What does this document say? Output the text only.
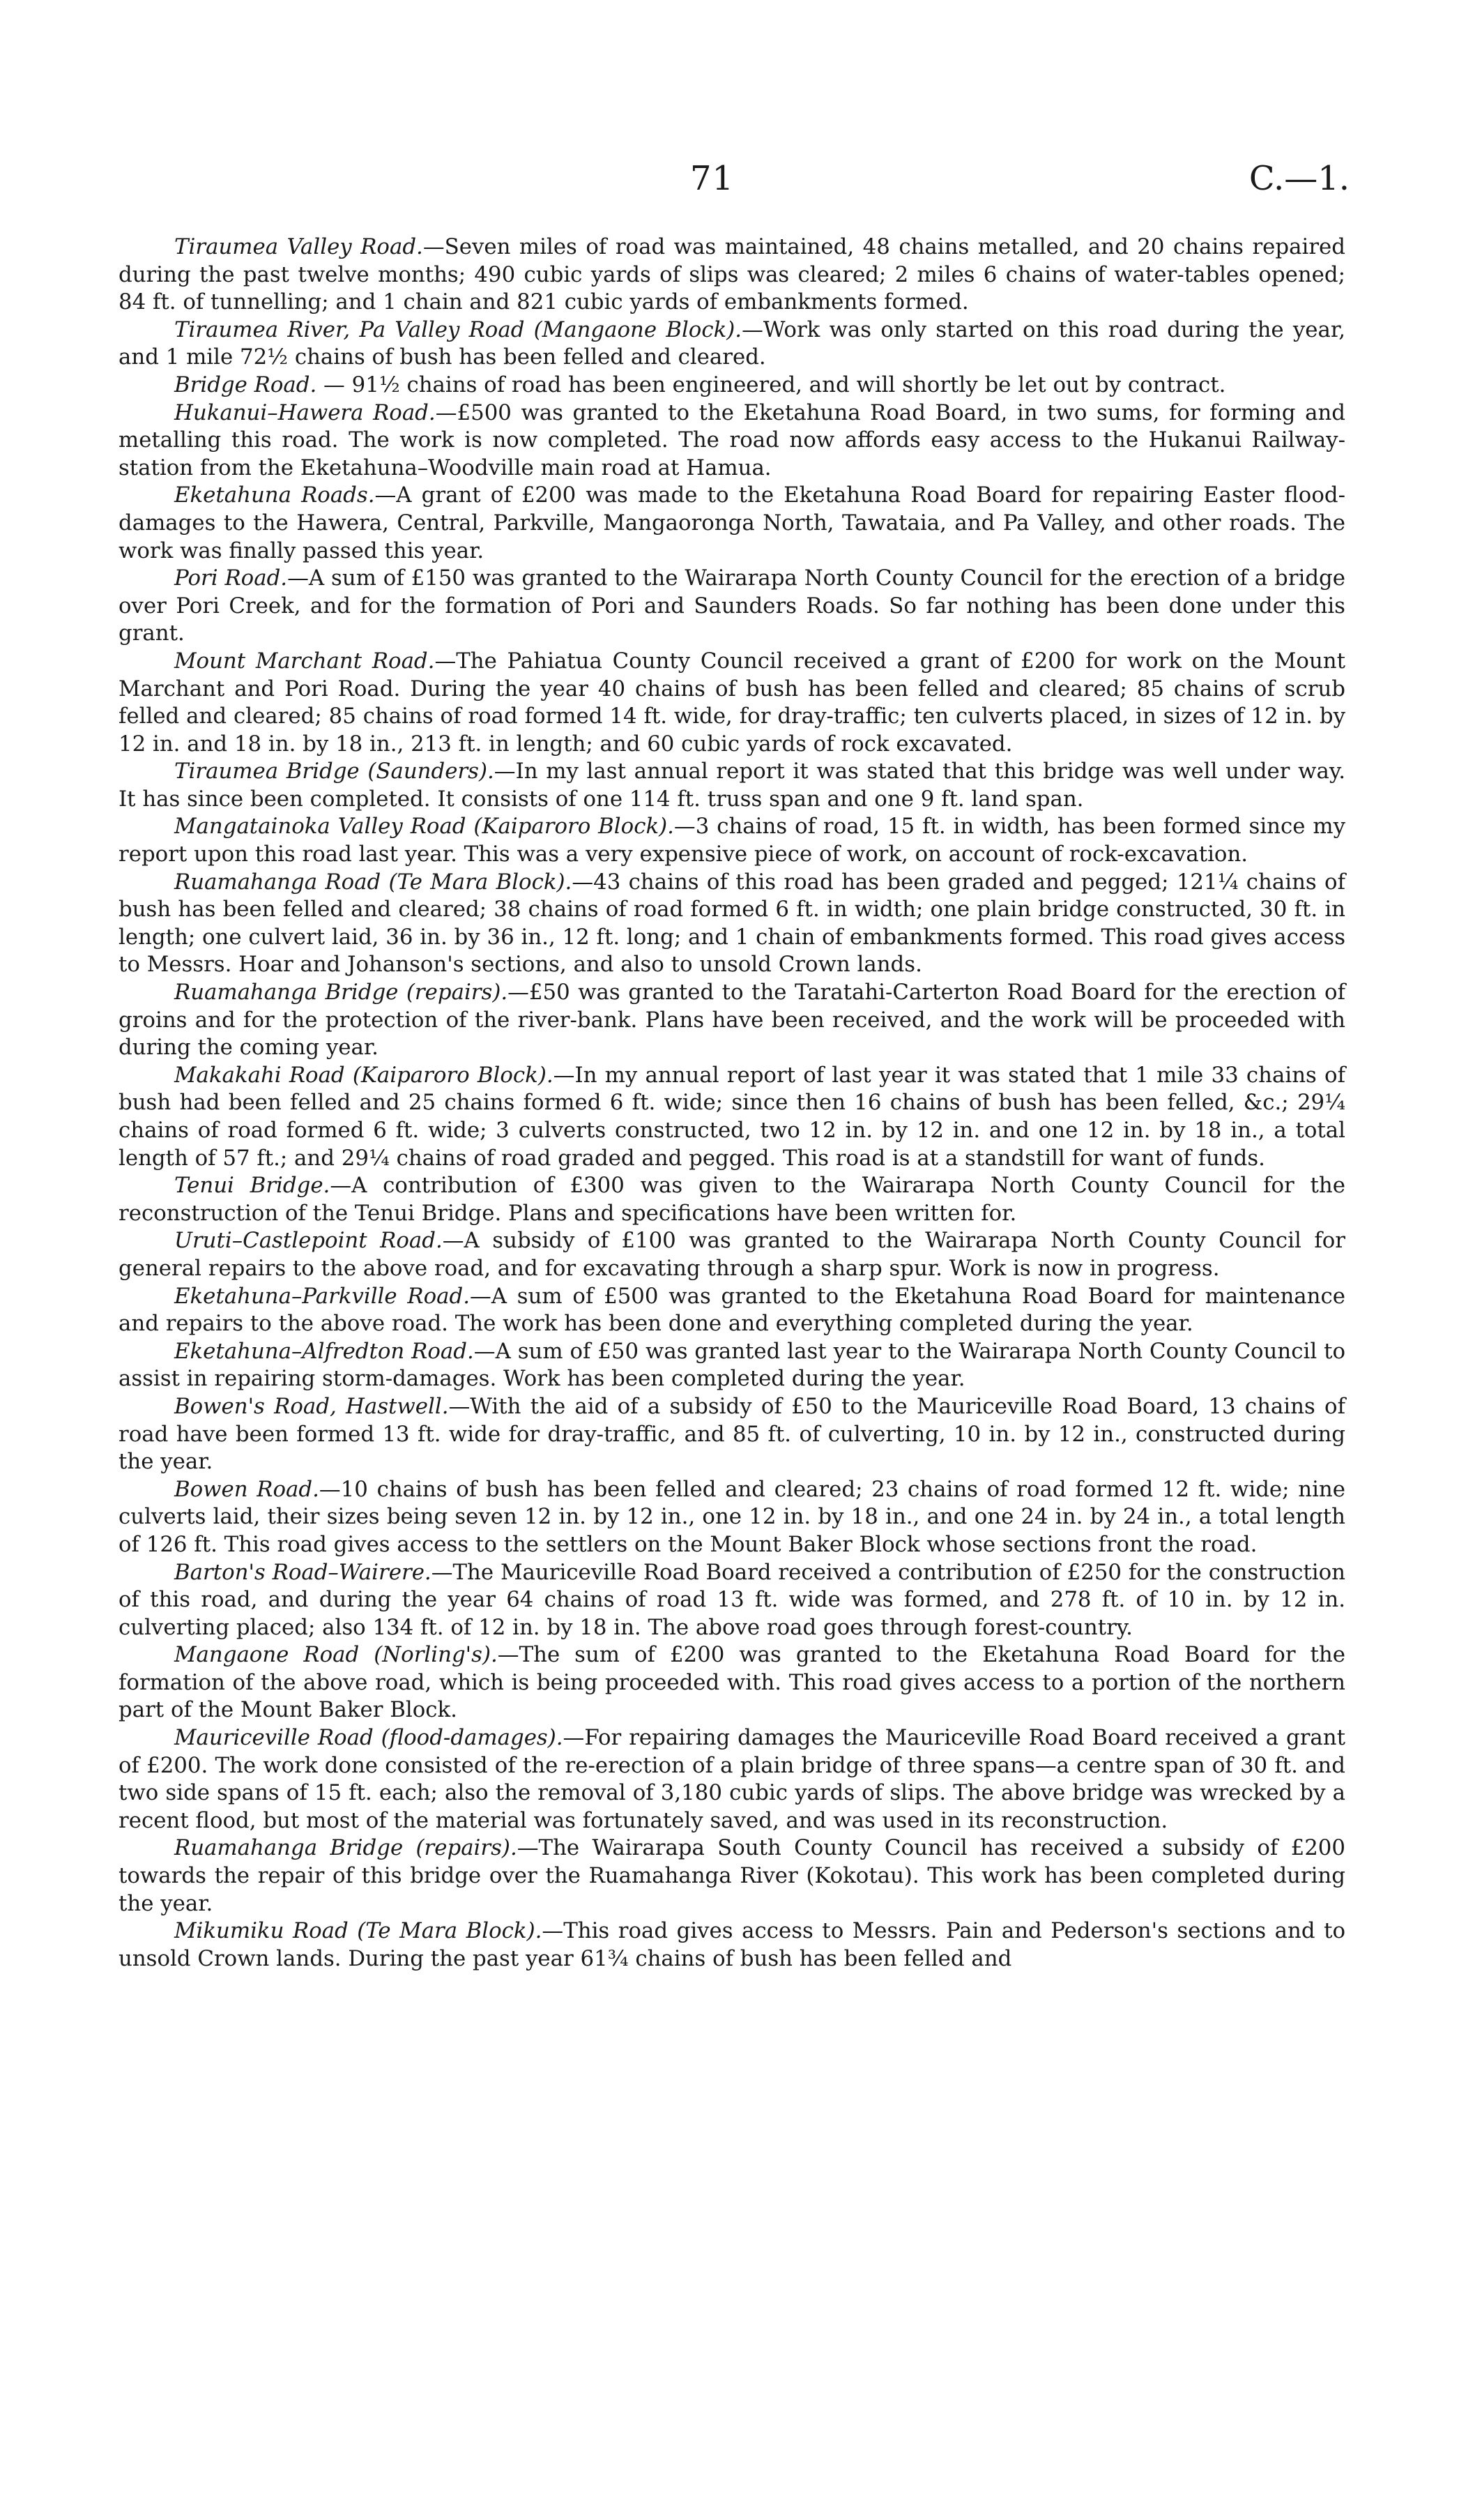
71	C.—1.

Tiraumea Valley Road.—Seven miles of road was maintained, 48 chains metalled, and 20 chains repaired during the past twelve months; 490 cubic yards of slips was cleared; 2 miles 6 chains of water-tables opened; 84 ft. of tunnelling; and 1 chain and 821 cubic yards of embankments formed.

Tiraumea River, Pa Valley Road (Mangaone Block).—Work was only started on this road during the year, and 1 mile 72½ chains of bush has been felled and cleared.

Bridge Road. — 91½ chains of road has been engineered, and will shortly be let out by contract.

Hukanui–Hawera Road.—£500 was granted to the Eketahuna Road Board, in two sums, for forming and metalling this road. The work is now completed. The road now affords easy access to the Hukanui Railway-station from the Eketahuna–Woodville main road at Hamua.

Eketahuna Roads.—A grant of £200 was made to the Eketahuna Road Board for repairing Easter flood-damages to the Hawera, Central, Parkville, Mangaoronga North, Tawataia, and Pa Valley, and other roads. The work was finally passed this year.

Pori Road.—A sum of £150 was granted to the Wairarapa North County Council for the erection of a bridge over Pori Creek, and for the formation of Pori and Saunders Roads. So far nothing has been done under this grant.

Mount Marchant Road.—The Pahiatua County Council received a grant of £200 for work on the Mount Marchant and Pori Road. During the year 40 chains of bush has been felled and cleared; 85 chains of scrub felled and cleared; 85 chains of road formed 14 ft. wide, for dray-traffic; ten culverts placed, in sizes of 12 in. by 12 in. and 18 in. by 18 in., 213 ft. in length; and 60 cubic yards of rock excavated.

Tiraumea Bridge (Saunders).—In my last annual report it was stated that this bridge was well under way. It has since been completed. It consists of one 114 ft. truss span and one 9 ft. land span.

Mangatainoka Valley Road (Kaiparoro Block).—3 chains of road, 15 ft. in width, has been formed since my report upon this road last year. This was a very expensive piece of work, on account of rock-excavation.

Ruamahanga Road (Te Mara Block).—43 chains of this road has been graded and pegged; 121¼ chains of bush has been felled and cleared; 38 chains of road formed 6 ft. in width; one plain bridge constructed, 30 ft. in length; one culvert laid, 36 in. by 36 in., 12 ft. long; and 1 chain of embankments formed. This road gives access to Messrs. Hoar and Johanson's sections, and also to unsold Crown lands.

Ruamahanga Bridge (repairs).—£50 was granted to the Taratahi-Carterton Road Board for the erection of groins and for the protection of the river-bank. Plans have been received, and the work will be proceeded with during the coming year.

Makakahi Road (Kaiparoro Block).—In my annual report of last year it was stated that 1 mile 33 chains of bush had been felled and 25 chains formed 6 ft. wide; since then 16 chains of bush has been felled, &c.; 29¼ chains of road formed 6 ft. wide; 3 culverts constructed, two 12 in. by 12 in. and one 12 in. by 18 in., a total length of 57 ft.; and 29¼ chains of road graded and pegged. This road is at a standstill for want of funds.

Tenui Bridge.—A contribution of £300 was given to the Wairarapa North County Council for the reconstruction of the Tenui Bridge. Plans and specifications have been written for.

Uruti–Castlepoint Road.—A subsidy of £100 was granted to the Wairarapa North County Council for general repairs to the above road, and for excavating through a sharp spur. Work is now in progress.

Eketahuna–Parkville Road.—A sum of £500 was granted to the Eketahuna Road Board for maintenance and repairs to the above road. The work has been done and everything completed during the year.

Eketahuna–Alfredton Road.—A sum of £50 was granted last year to the Wairarapa North County Council to assist in repairing storm-damages. Work has been completed during the year.

Bowen's Road, Hastwell.—With the aid of a subsidy of £50 to the Mauriceville Road Board, 13 chains of road have been formed 13 ft. wide for dray-traffic, and 85 ft. of culverting, 10 in. by 12 in., constructed during the year.

Bowen Road.—10 chains of bush has been felled and cleared; 23 chains of road formed 12 ft. wide; nine culverts laid, their sizes being seven 12 in. by 12 in., one 12 in. by 18 in., and one 24 in. by 24 in., a total length of 126 ft. This road gives access to the settlers on the Mount Baker Block whose sections front the road.

Barton's Road–Wairere.—The Mauriceville Road Board received a contribution of £250 for the construction of this road, and during the year 64 chains of road 13 ft. wide was formed, and 278 ft. of 10 in. by 12 in. culverting placed; also 134 ft. of 12 in. by 18 in. The above road goes through forest-country.

Mangaone Road (Norling's).—The sum of £200 was granted to the Eketahuna Road Board for the formation of the above road, which is being proceeded with. This road gives access to a portion of the northern part of the Mount Baker Block.

Mauriceville Road (flood-damages).—For repairing damages the Mauriceville Road Board received a grant of £200. The work done consisted of the re-erection of a plain bridge of three spans—a centre span of 30 ft. and two side spans of 15 ft. each; also the removal of 3,180 cubic yards of slips. The above bridge was wrecked by a recent flood, but most of the material was fortunately saved, and was used in its reconstruction.

Ruamahanga Bridge (repairs).—The Wairarapa South County Council has received a subsidy of £200 towards the repair of this bridge over the Ruamahanga River (Kokotau). This work has been completed during the year.

Mikumiku Road (Te Mara Block).—This road gives access to Messrs. Pain and Pederson's sections and to unsold Crown lands. During the past year 61¾ chains of bush has been felled and
